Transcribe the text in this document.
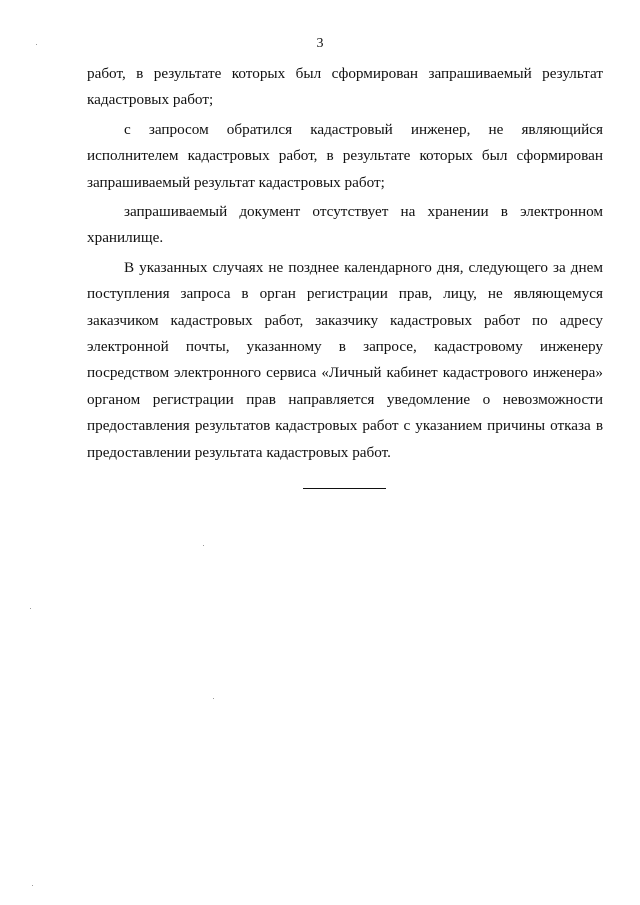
3

работ, в результате которых был сформирован запрашиваемый результат кадастровых работ;

с запросом обратился кадастровый инженер, не являющийся исполнителем кадастровых работ, в результате которых был сформирован запрашиваемый результат кадастровых работ;

запрашиваемый документ отсутствует на хранении в электронном хранилище.

В указанных случаях не позднее календарного дня, следующего за днем поступления запроса в орган регистрации прав, лицу, не являющемуся заказчиком кадастровых работ, заказчику кадастровых работ по адресу электронной почты, указанному в запросе, кадастровому инженеру посредством электронного сервиса «Личный кабинет кадастрового инженера» органом регистрации прав направляется уведомление о невозможности предоставления результатов кадастровых работ с указанием причины отказа в предоставлении результата кадастровых работ.
